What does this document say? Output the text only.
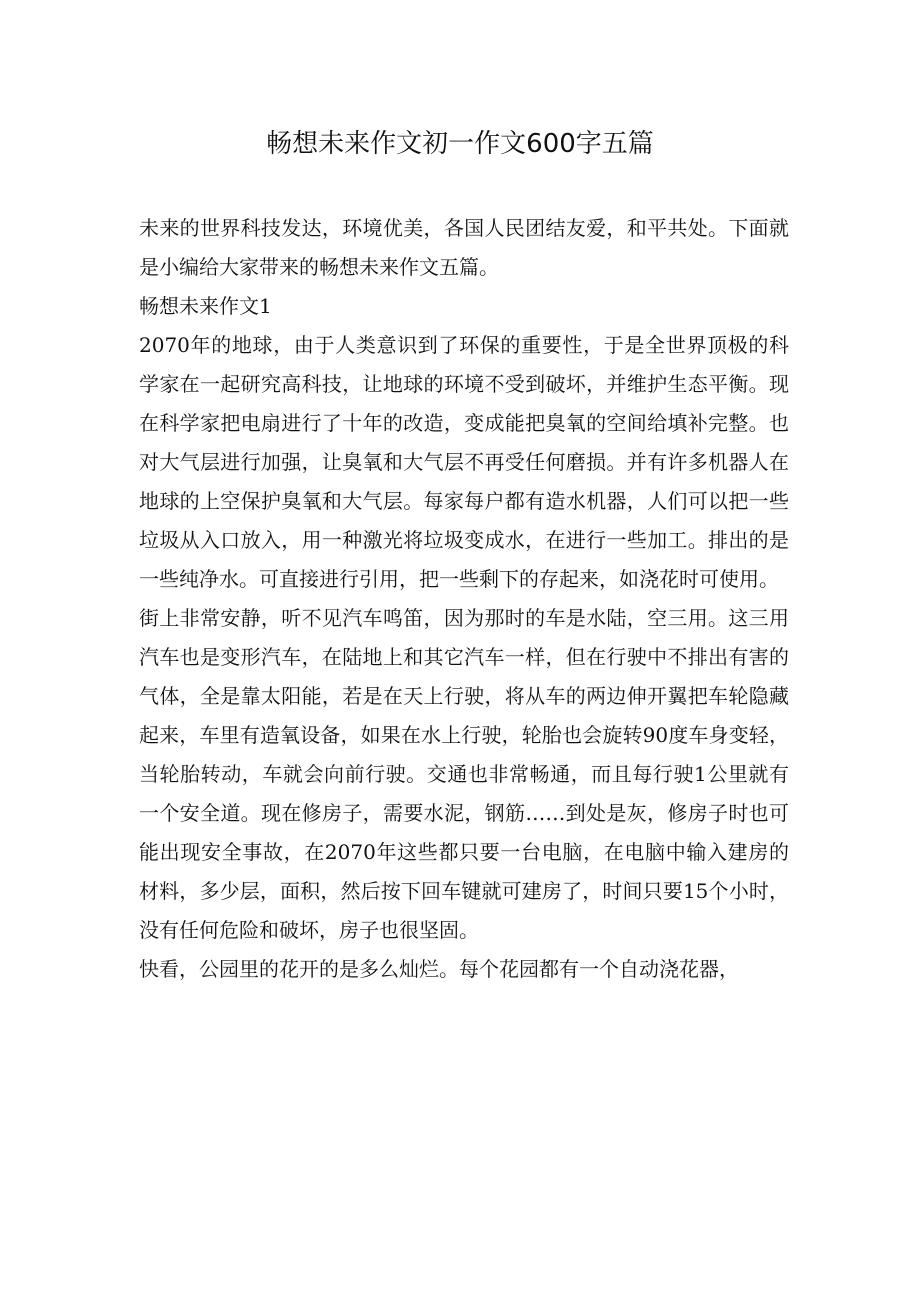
畅想未来作文初一作文600字五篇

未来的世界科技发达，环境优美，各国人民团结友爱，和平共处。下面就是小编给大家带来的畅想未来作文五篇。

畅想未来作文1

2070年的地球，由于人类意识到了环保的重要性，于是全世界顶极的科学家在一起研究高科技，让地球的环境不受到破坏，并维护生态平衡。现在科学家把电扇进行了十年的改造，变成能把臭氧的空间给填补完整。也对大气层进行加强，让臭氧和大气层不再受任何磨损。并有许多机器人在地球的上空保护臭氧和大气层。每家每户都有造水机器，人们可以把一些垃圾从入口放入，用一种激光将垃圾变成水，在进行一些加工。排出的是一些纯净水。可直接进行引用，把一些剩下的存起来，如浇花时可使用。

街上非常安静，听不见汽车鸣笛，因为那时的车是水陆，空三用。这三用汽车也是变形汽车，在陆地上和其它汽车一样，但在行驶中不排出有害的气体，全是靠太阳能，若是在天上行驶，将从车的两边伸开翼把车轮隐藏起来，车里有造氧设备，如果在水上行驶，轮胎也会旋转90度车身变轻，当轮胎转动，车就会向前行驶。交通也非常畅通，而且每行驶1公里就有一个安全道。现在修房子，需要水泥，钢筋……到处是灰，修房子时也可能出现安全事故，在2070年这些都只要一台电脑，在电脑中输入建房的材料，多少层，面积，然后按下回车键就可建房了，时间只要15个小时，没有任何危险和破坏，房子也很坚固。

快看，公园里的花开的是多么灿烂。每个花园都有一个自动浇花器，
